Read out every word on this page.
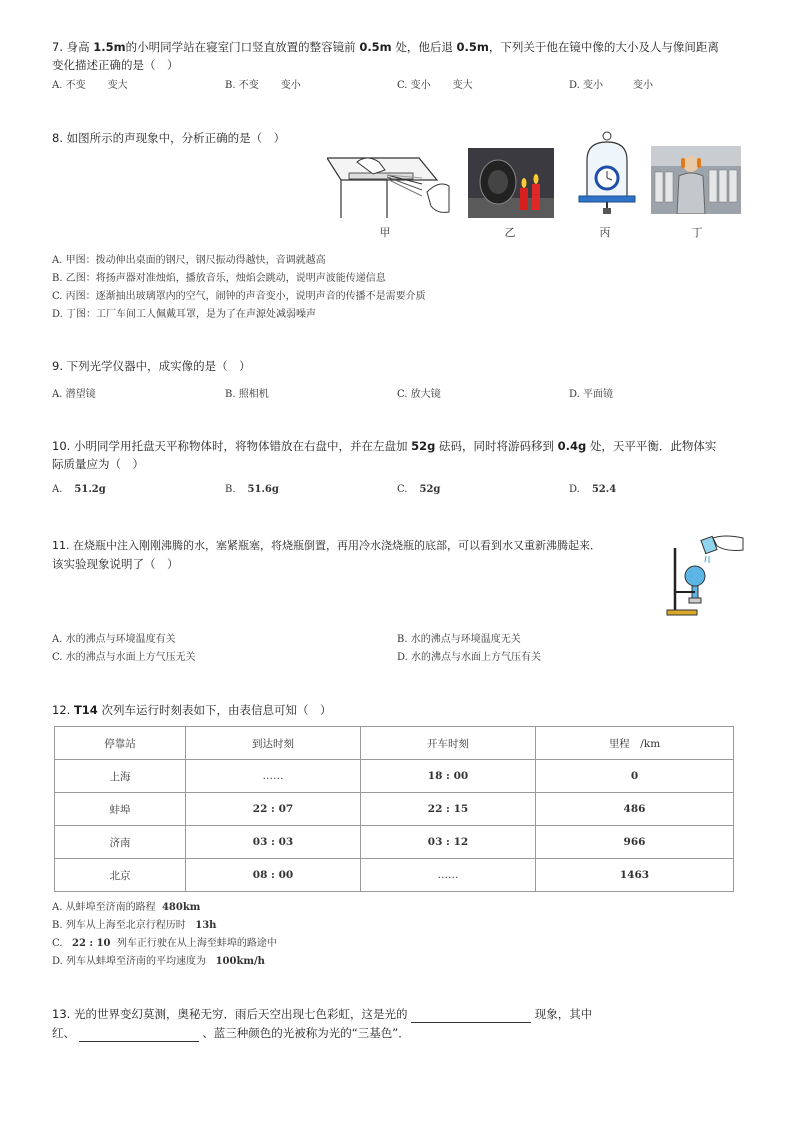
7. 身高 1.5m的小明同学站在寝室门口竖直放置的整容镜前 0.5m 处，他后退 0.5m，下列关于他在镜中像的大小及人与像间距离
变化描述正确的是（　）
A. 不变 变大	B. 不变 变小	C. 变小 变大	D. 变小	变小
8. 如图所示的声现象中，分析正确的是（　）
甲	乙	丙	丁
A. 甲图：拨动伸出桌面的钢尺，钢尺振动得越快，音调就越高
B. 乙图：将扬声器对准烛焰，播放音乐，烛焰会跳动，说明声波能传递信息
C. 丙图：逐渐抽出玻璃罩内的空气，闹钟的声音变小，说明声音的传播不是需要介质
D. 丁图：工厂车间工人佩戴耳罩，是为了在声源处减弱噪声
9. 下列光学仪器中，成实像的是（　）
A. 潜望镜	B. 照相机	C. 放大镜	D. 平面镜
10. 小明同学用托盘天平称物体时，将物体错放在右盘中，并在左盘加 52g 砝码，同时将游码移到 0.4g 处，天平平衡．此物体实
际质量应为（　）
A. 51.2g	B. 51.6g	C. 52g	D. 52.4
11. 在烧瓶中注入刚刚沸腾的水，塞紧瓶塞，将烧瓶倒置，再用冷水浇烧瓶的底部，可以看到水又重新沸腾起来．
该实验现象说明了（　）
A. 水的沸点与环境温度有关	B. 水的沸点与环境温度无关
C. 水的沸点与水面上方气压无关	D. 水的沸点与水面上方气压有关
12. T14 次列车运行时刻表如下，由表信息可知（　）
停靠站	到达时刻	开车时刻	里程　/km
上海	……	18 : 00	0
蚌埠	22 : 07	22 : 15	486
济南	03 : 03	03 : 12	966
北京	08 : 00	……	1463
A. 从蚌埠至济南的路程 480km
B. 列车从上海至北京行程历时 13h
C. 22 : 10 列车正行驶在从上海至蚌埠的路途中
D. 列车从蚌埠至济南的平均速度为 100km/h
13. 光的世界变幻莫测，奥秘无穷．雨后天空出现七色彩虹，这是光的	现象，其中
红、	、蓝三种颜色的光被称为光的“三基色”．
